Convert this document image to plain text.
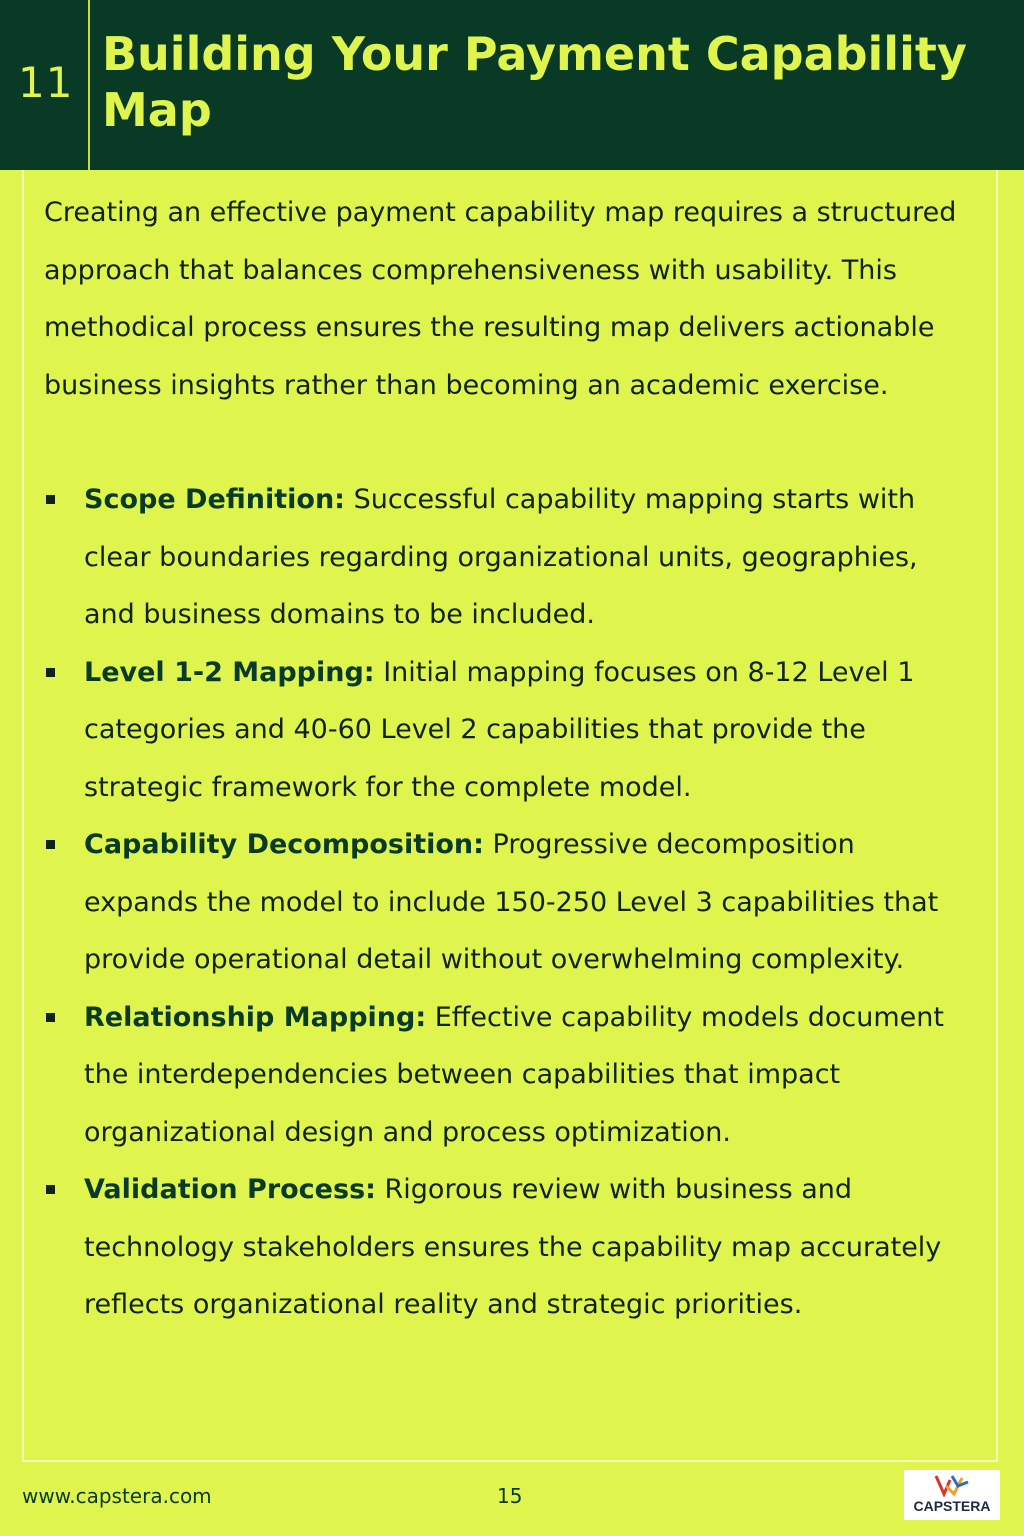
11
Building Your Payment Capability Map
Creating an effective payment capability map requires a structured approach that balances comprehensiveness with usability. This methodical process ensures the resulting map delivers actionable business insights rather than becoming an academic exercise.
Scope Definition: Successful capability mapping starts with clear boundaries regarding organizational units, geographies, and business domains to be included.
Level 1-2 Mapping: Initial mapping focuses on 8-12 Level 1 categories and 40-60 Level 2 capabilities that provide the strategic framework for the complete model.
Capability Decomposition: Progressive decomposition expands the model to include 150-250 Level 3 capabilities that provide operational detail without overwhelming complexity.
Relationship Mapping: Effective capability models document the interdependencies between capabilities that impact organizational design and process optimization.
Validation Process: Rigorous review with business and technology stakeholders ensures the capability map accurately reflects organizational reality and strategic priorities.
www.capstera.com	15	CAPSTERA
